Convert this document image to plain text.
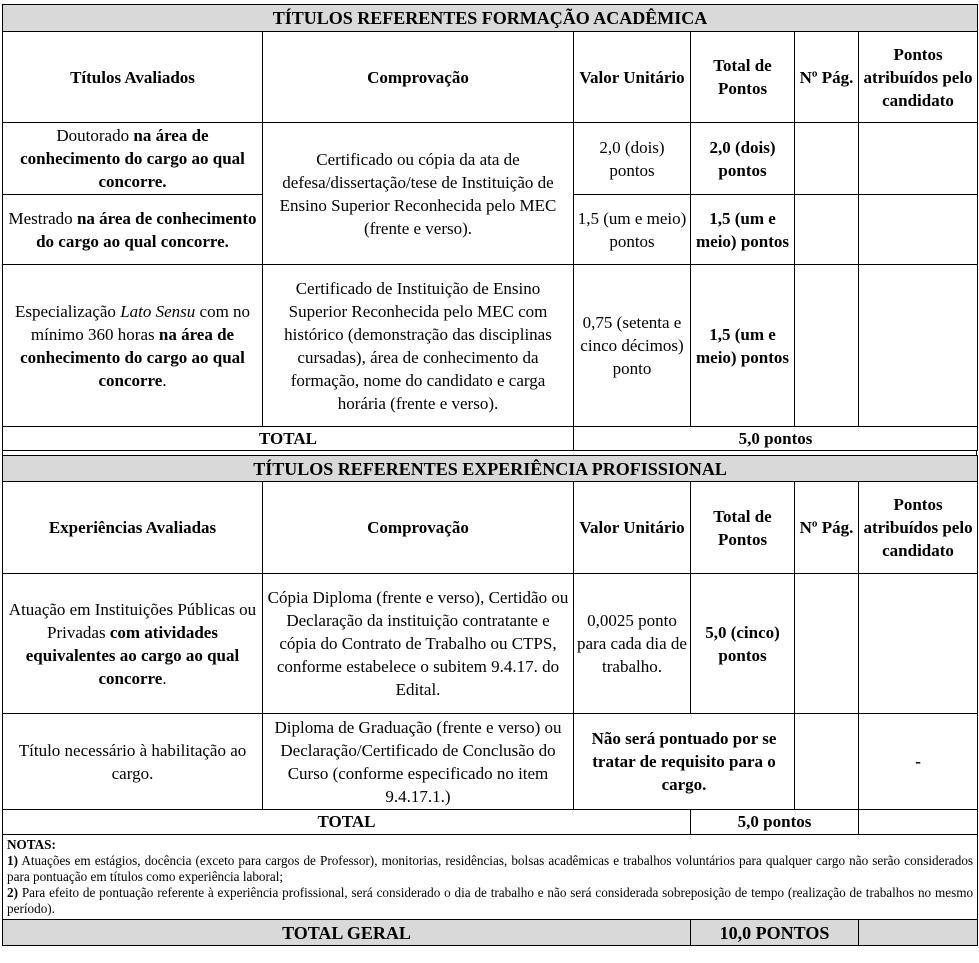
TÍTULOS REFERENTES FORMAÇÃO ACADÊMICA					
Títulos Avaliados	Comprovação	Valor Unitário	Total de Pontos	Nº Pág.	Pontos atribuídos pelo candidato
Doutorado na área de conhecimento do cargo ao qual concorre.	Certificado ou cópia da ata de defesa/dissertação/tese de Instituição de Ensino Superior Reconhecida pelo MEC (frente e verso).	2,0 (dois) pontos	2,0 (dois) pontos		
Mestrado na área de conhecimento do cargo ao qual concorre.		1,5 (um e meio) pontos	1,5 (um e meio) pontos		
Especialização Lato Sensu com no mínimo 360 horas na área de conhecimento do cargo ao qual concorre.	Certificado de Instituição de Ensino Superior Reconhecida pelo MEC com histórico (demonstração das disciplinas cursadas), área de conhecimento da formação, nome do candidato e carga horária (frente e verso).	0,75 (setenta e cinco décimos) ponto	1,5 (um e meio) pontos		
TOTAL		5,0 pontos			
TÍTULOS REFERENTES EXPERIÊNCIA PROFISSIONAL					
Experiências Avaliadas	Comprovação	Valor Unitário	Total de Pontos	Nº Pág.	Pontos atribuídos pelo candidato
Atuação em Instituições Públicas ou Privadas com atividades equivalentes ao cargo ao qual concorre.	Cópia Diploma (frente e verso), Certidão ou Declaração da instituição contratante e cópia do Contrato de Trabalho ou CTPS, conforme estabelece o subitem 9.4.17. do Edital.	0,0025 ponto para cada dia de trabalho.	5,0 (cinco) pontos		
Título necessário à habilitação ao cargo.	Diploma de Graduação (frente e verso) ou Declaração/Certificado de Conclusão do Curso (conforme especificado no item 9.4.17.1.)	Não será pontuado por se tratar de requisito para o cargo.			-
TOTAL			5,0 pontos		

NOTAS:
1) Atuações em estágios, docência (exceto para cargos de Professor), monitorias, residências, bolsas acadêmicas e trabalhos voluntários para qualquer cargo não serão considerados para pontuação em títulos como experiência laboral;
2) Para efeito de pontuação referente à experiência profissional, será considerado o dia de trabalho e não será considerada sobreposição de tempo (realização de trabalhos no mesmo período).					

TOTAL GERAL			10,0 PONTOS		
